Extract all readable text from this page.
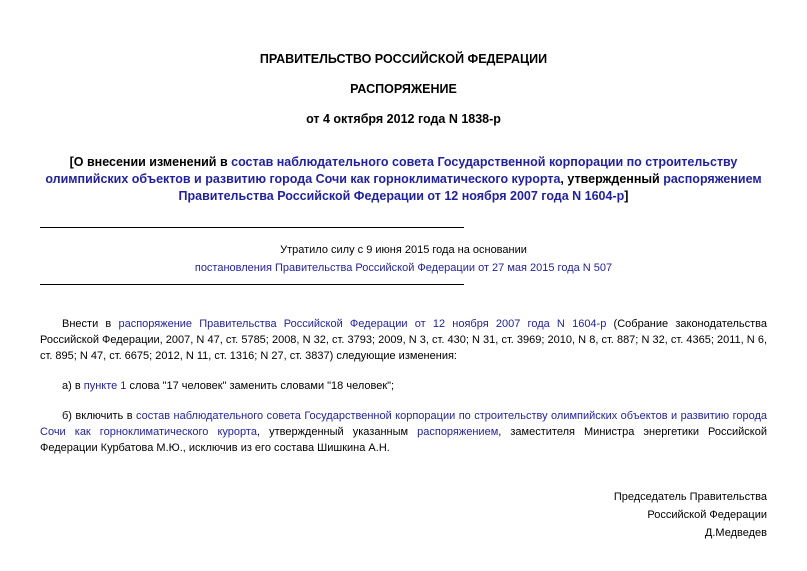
ПРАВИТЕЛЬСТВО РОССИЙСКОЙ ФЕДЕРАЦИИ
РАСПОРЯЖЕНИЕ
от 4 октября 2012 года N 1838-р
[О внесении изменений в состав наблюдательного совета Государственной корпорации по строительству олимпийских объектов и развитию города Сочи как горноклиматического курорта, утвержденный распоряжением Правительства Российской Федерации от 12 ноября 2007 года N 1604-р]
Утратило силу с 9 июня 2015 года на основании
постановления Правительства Российской Федерации от 27 мая 2015 года N 507
Внести в распоряжение Правительства Российской Федерации от 12 ноября 2007 года N 1604-р (Собрание законодательства Российской Федерации, 2007, N 47, ст. 5785; 2008, N 32, ст. 3793; 2009, N 3, ст. 430; N 31, ст. 3969; 2010, N 8, ст. 887; N 32, ст. 4365; 2011, N 6, ст. 895; N 47, ст. 6675; 2012, N 11, ст. 1316; N 27, ст. 3837) следующие изменения:
а) в пункте 1 слова "17 человек" заменить словами "18 человек";
б) включить в состав наблюдательного совета Государственной корпорации по строительству олимпийских объектов и развитию города Сочи как горноклиматического курорта, утвержденный указанным распоряжением, заместителя Министра энергетики Российской Федерации Курбатова М.Ю., исключив из его состава Шишкина А.Н.
Председатель Правительства
Российской Федерации
Д.Медведев
